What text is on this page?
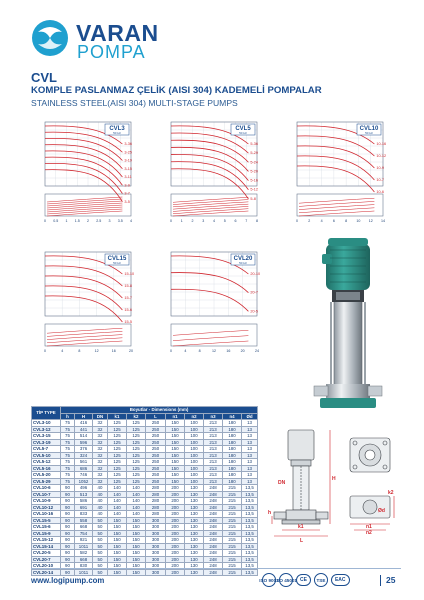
VARAN
POMPA
CVL
KOMPLE PASLANMAZ ÇELİK (AISI 304) KADEMELİ POMPALAR
STAINLESS STEEL(AISI 304) MULTI-STAGE PUMPS
0 0.5 1 1.5 2 2.5 3 3.5 4
3-36
3-25
3-19
3-15
3-11
3-9
3-7
3-5
CVL3
50 Hz
0 1 2 3 4 5 6 7 8
5-36
5-29
5-24
5-20
5-16
5-12
5-8
CVL5
50 Hz
0	2	4	6	8	10 12 14
10-16
10-12
10-9
10-7
10-6
CVL10
50 Hz
0	4	8	12	16	20
15-10
15-8
15-7
15-6
15-5
CVL15
50 Hz
0	4	8	12	16	20	24
20-10
20-7
20-5
CVL20
50 Hz
TİP TYPE	Boyutlar - Dimensions (mm)										
	h	H	DN	k1	k2	L	n1	n2	n3	n4	Ød
CVL3-10	75	416	32	125	125	250	150	100	213	180	13
CVL3-12	75	441	32	125	125	250	150	100	213	180	13
CVL3-15	75	514	32	125	125	250	150	100	213	180	13
CVL3-19	75	596	32	125	125	250	150	100	213	180	13
CVL5-7	75	376	32	125	125	250	150	100	213	180	13
CVL5-10	75	324	32	125	125	250	150	100	213	180	13
CVL5-12	75	561	32	125	125	250	150	100	213	180	13
CVL5-16	75	686	32	125	125	250	150	100	213	180	13
CVL5-20	75	746	32	125	125	250	150	100	213	180	13
CVL5-29	75	1052	32	125	125	250	150	100	213	180	13
CVL10-6	90	496	40	140	140	280	200	130	248	215	13,5
CVL10-7	90	513	40	140	140	280	200	130	248	215	13,5
CVL10-9	90	586	40	140	140	280	200	130	248	215	13,5
CVL10-12	90	691	40	140	140	280	200	130	248	215	13,5
CVL10-16	90	833	40	140	140	280	200	130	248	215	13,5
CVL15-5	90	558	50	150	150	300	200	130	248	215	13,5
CVL15-6	90	668	50	150	150	300	200	130	248	215	13,5
CVL15-9	90	754	50	150	150	300	200	130	248	215	13,5
CVL15-12	90	921	50	150	150	300	200	130	248	215	13,5
CVL15-14	90	1011	50	150	150	300	200	130	248	215	13,5
CVL20-5	90	582	50	150	150	300	200	130	248	215	13,5
CVL20-7	90	668	50	150	150	300	200	130	248	215	13,5
CVL20-10	90	830	50	150	150	300	200	130	248	215	13,5
CVL20-14	90	1011	50	150	150	300	200	130	248	215	13,5
H
h
k1
L
DN
n2
n1
Ød
k2
www.logipump.com	ISO 9001
ISO 45001 CE	TSE	EAC	25
